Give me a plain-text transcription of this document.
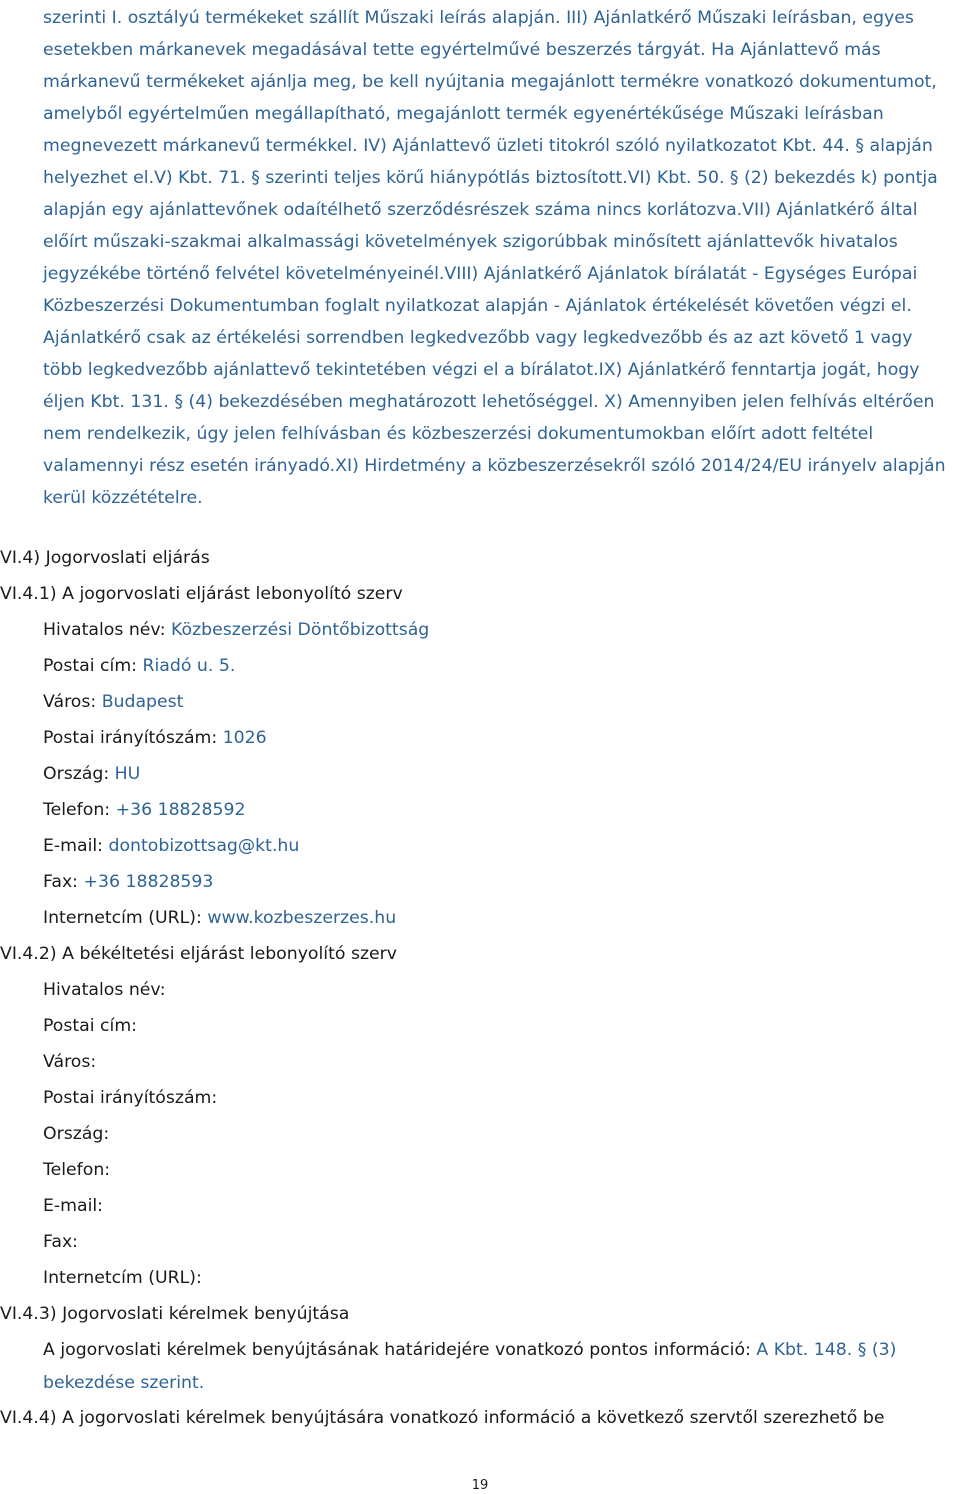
szerinti I. osztályú termékeket szállít Műszaki leírás alapján. III) Ajánlatkérő Műszaki leírásban, egyes esetekben márkanevek megadásával tette egyértelművé beszerzés tárgyát. Ha Ajánlattevő más márkanevű termékeket ajánlja meg, be kell nyújtania megajánlott termékre vonatkozó dokumentumot, amelyből egyértelműen megállapítható, megajánlott termék egyenértékűsége Műszaki leírásban megnevezett márkanevű termékkel. IV) Ajánlattevő üzleti titokról szóló nyilatkozatot Kbt. 44. § alapján helyezhet el.V) Kbt. 71. § szerinti teljes körű hiánypótlás biztosított.VI) Kbt. 50. § (2) bekezdés k) pontja alapján egy ajánlattevőnek odaítélhető szerződésrészek száma nincs korlátozva.VII) Ajánlatkérő által előírt műszaki-szakmai alkalmassági követelmények szigorúbbak minősített ajánlattevők hivatalos jegyzékébe történő felvétel követelményeinél.VIII) Ajánlatkérő Ajánlatok bírálatát - Egységes Európai Közbeszerzési Dokumentumban foglalt nyilatkozat alapján - Ajánlatok értékelését követően végzi el. Ajánlatkérő csak az értékelési sorrendben legkedvezőbb vagy legkedvezőbb és az azt követő 1 vagy több legkedvezőbb ajánlattevő tekintetében végzi el a bírálatot.IX) Ajánlatkérő fenntartja jogát, hogy éljen Kbt. 131. § (4) bekezdésében meghatározott lehetőséggel. X) Amennyiben jelen felhívás eltérően nem rendelkezik, úgy jelen felhívásban és közbeszerzési dokumentumokban előírt adott feltétel valamennyi rész esetén irányadó.XI) Hirdetmény a közbeszerzésekről szóló 2014/24/EU irányelv alapján kerül közzétételre.

VI.4) Jogorvoslati eljárás
VI.4.1) A jogorvoslati eljárást lebonyolító szerv
Hivatalos név: Közbeszerzési Döntőbizottság
Postai cím: Riadó u. 5.
Város: Budapest
Postai irányítószám: 1026
Ország: HU
Telefon: +36 18828592
E-mail: dontobizottsag@kt.hu
Fax: +36 18828593
Internetcím (URL): www.kozbeszerzes.hu
VI.4.2) A békéltetési eljárást lebonyolító szerv
Hivatalos név:
Postai cím:
Város:
Postai irányítószám:
Ország:
Telefon:
E-mail:
Fax:
Internetcím (URL):
VI.4.3) Jogorvoslati kérelmek benyújtása
A jogorvoslati kérelmek benyújtásának határidejére vonatkozó pontos információ: A Kbt. 148. § (3) bekezdése szerint.
VI.4.4) A jogorvoslati kérelmek benyújtására vonatkozó információ a következő szervtől szerezhető be
19
